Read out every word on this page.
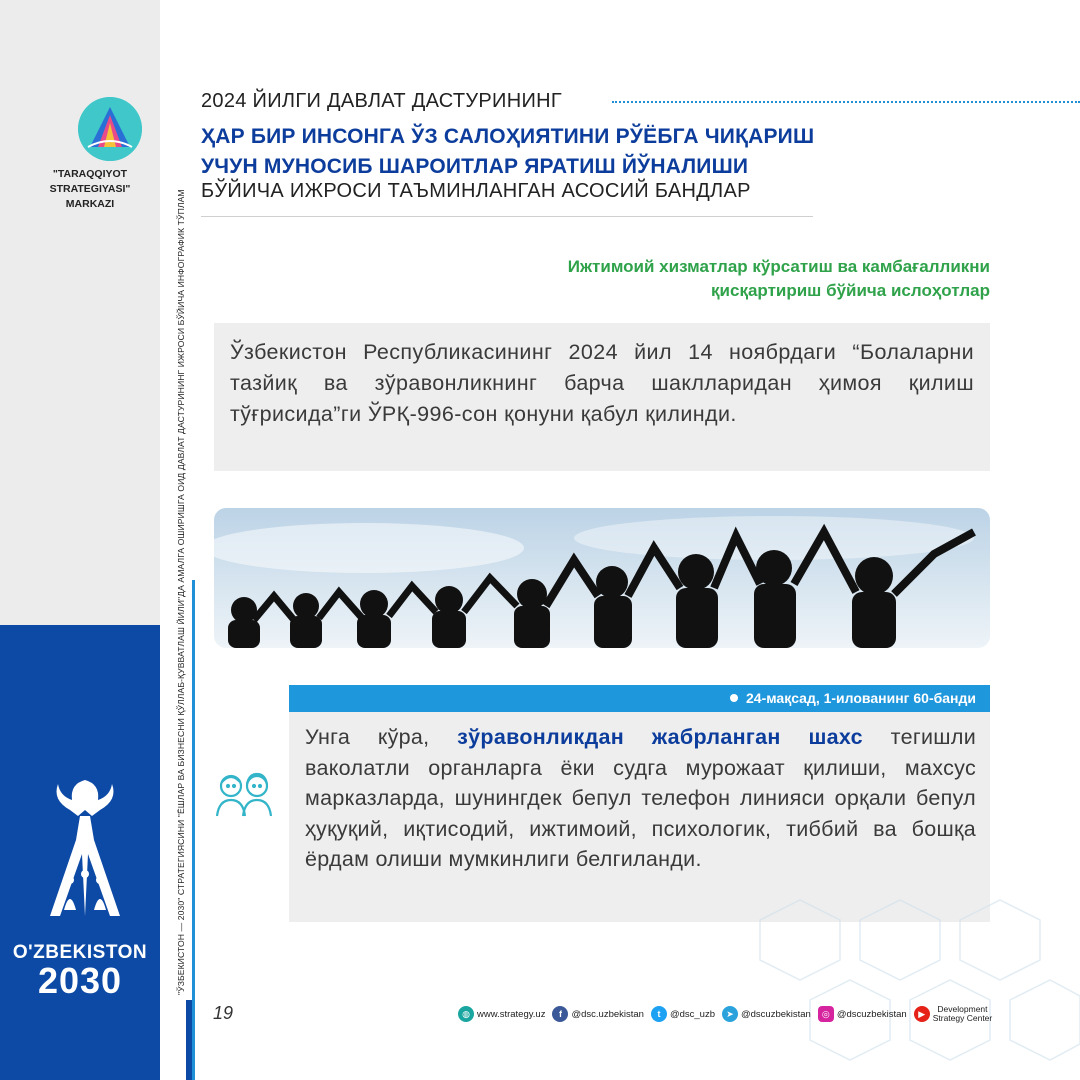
"ЎЗБЕКИСТОН — 2030" СТРАТЕГИЯСИНИ "ЁШЛАР ВА БИЗНЕСНИ ҚЎЛЛАБ-ҚУВВАТЛАШ ЙИЛИ"ДА АМАЛГА ОШИРИШГА ОИД ДАВЛАТ ДАСТУРИНИНГ ИЖРОСИ БЎЙИЧА ИНФОГРАФИК ТЎПЛАМ
"TARAQQIYOT STRATEGIYASI"
MARKAZI
O'ZBEKISTON
2030
2024 ЙИЛГИ ДАВЛАТ ДАСТУРИНИНГ
ҲАР БИР ИНСОНГА ЎЗ САЛОҲИЯТИНИ РЎЁБГА ЧИҚАРИШ
УЧУН МУНОСИБ ШАРОИТЛАР ЯРАТИШ ЙЎНАЛИШИ
БЎЙИЧА ИЖРОСИ ТАЪМИНЛАНГАН АСОСИЙ БАНДЛАР
Ижтимоий хизматлар кўрсатиш ва камбағалликни
қисқартириш бўйича ислоҳотлар
Ўзбекистон Республикасининг 2024 йил 14 ноябрдаги “Болаларни тазйиқ ва зўравонликнинг барча шаклларидан ҳимоя қилиш тўғрисида”ги ЎРҚ-996-сон қонуни қабул қилинди.
24-мақсад, 1-илованинг 60-банди
Унга кўра, зўравонликдан жабрланган шахс тегишли ваколатли органларга ёки судга мурожаат қилиши, махсус марказларда, шунингдек бепул телефон линияси орқали бепул ҳуқуқий, иқтисодий, ижтимоий, психологик, тиббий ва бошқа ёрдам олиши мумкинлиги белгиланди.
19	◍ www.strategy.uz	f	@dsc.uzbekistan	t	@dsc_uzb	➤ @dscuzbekistan	◎ @dscuzbekistan	▶	Development
Strategy Center
